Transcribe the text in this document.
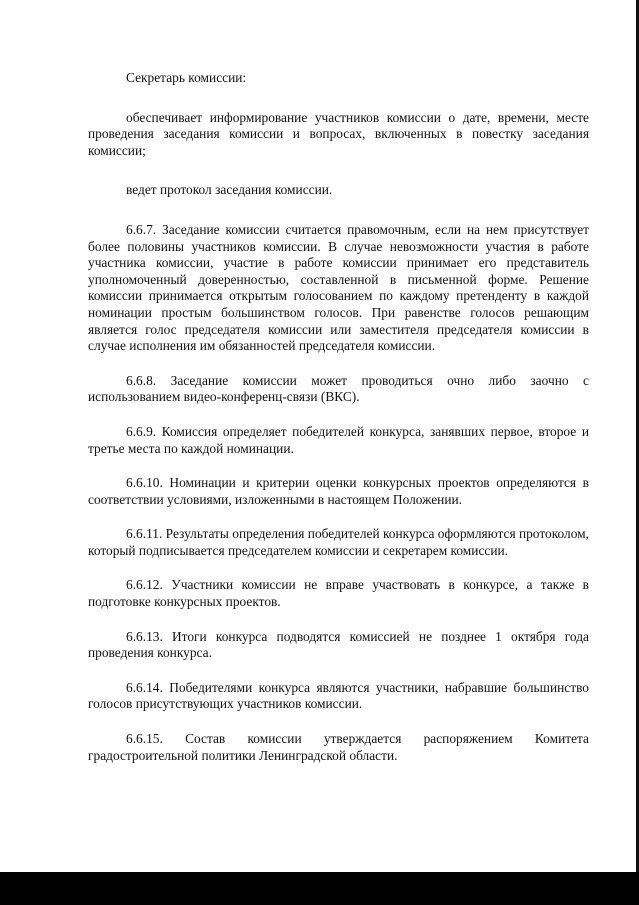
Секретарь комиссии:

обеспечивает информирование участников комиссии о дате, времени, месте проведения заседания комиссии и вопросах, включенных в повестку заседания комиссии;

ведет протокол заседания комиссии.

6.6.7. Заседание комиссии считается правомочным, если на нем присутствует более половины участников комиссии. В случае невозможности участия в работе участника комиссии, участие в работе комиссии принимает его представитель уполномоченный доверенностью, составленной в письменной форме. Решение комиссии принимается открытым голосованием по каждому претенденту в каждой номинации простым большинством голосов. При равенстве голосов решающим является голос председателя комиссии или заместителя председателя комиссии в случае исполнения им обязанностей председателя комиссии.

6.6.8. Заседание комиссии может проводиться очно либо заочно с использованием видео-конференц-связи (ВКС).

6.6.9. Комиссия определяет победителей конкурса, занявших первое, второе и третье места по каждой номинации.

6.6.10. Номинации и критерии оценки конкурсных проектов определяются в соответствии условиями, изложенными в настоящем Положении.

6.6.11. Результаты определения победителей конкурса оформляются протоколом, который подписывается председателем комиссии и секретарем комиссии.

6.6.12. Участники комиссии не вправе участвовать в конкурсе, а также в подготовке конкурсных проектов.

6.6.13. Итоги конкурса подводятся комиссией не позднее 1 октября года проведения конкурса.

6.6.14. Победителями конкурса являются участники, набравшие большинство голосов присутствующих участников комиссии.

6.6.15. Состав комиссии утверждается распоряжением Комитета градостроительной политики Ленинградской области.
